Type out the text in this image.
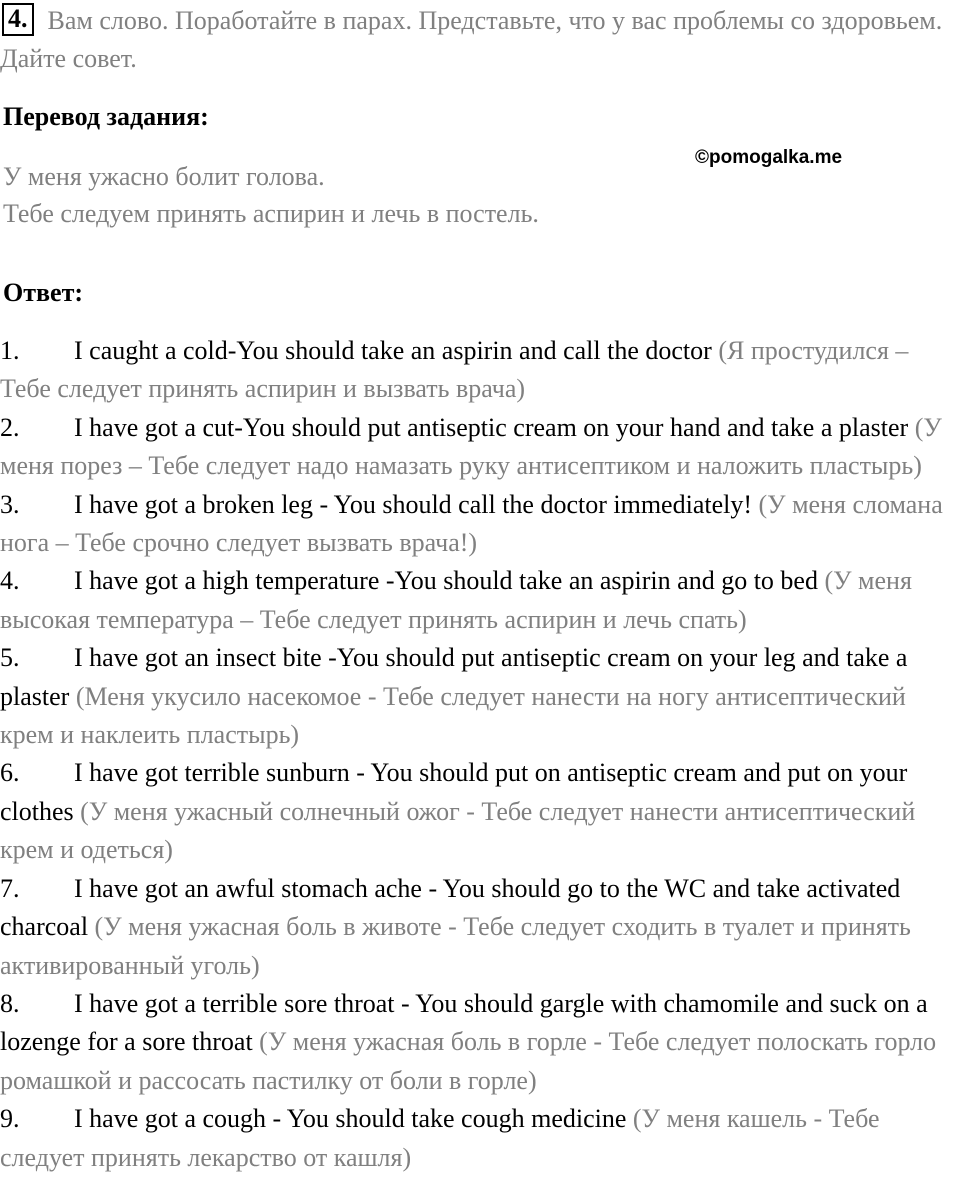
4. Вам слово. Поработайте в парах. Представьте, что у вас проблемы со здоровьем. Дайте совет.
Перевод задания:
У меня ужасно болит голова.
Тебе следуем принять аспирин и лечь в постель.
©pomogalka.me
Ответ:

1. I caught a cold-You should take an aspirin and call the doctor (Я простудился – Тебе следует принять аспирин и вызвать врача)

2. I have got a cut-You should put antiseptic cream on your hand and take a plaster (У меня порез – Тебе следует надо намазать руку антисептиком и наложить пластырь)

3. I have got a broken leg - You should call the doctor immediately! (У меня сломана нога – Тебе срочно следует вызвать врача!)

4. I have got a high temperature -You should take an aspirin and go to bed (У меня высокая температура – Тебе следует принять аспирин и лечь спать)

5. I have got an insect bite -You should put antiseptic cream on your leg and take a plaster (Меня укусило насекомое - Тебе следует нанести на ногу антисептический крем и наклеить пластырь)

6. I have got terrible sunburn - You should put on antiseptic cream and put on your clothes (У меня ужасный солнечный ожог - Тебе следует нанести антисептический крем и одеться)

7. I have got an awful stomach ache - You should go to the WC and take activated charcoal (У меня ужасная боль в животе - Тебе следует сходить в туалет и принять активированный уголь)

8. I have got a terrible sore throat - You should gargle with chamomile and suck on a lozenge for a sore throat (У меня ужасная боль в горле - Тебе следует полоскать горло ромашкой и рассосать пастилку от боли в горле)

9. I have got a cough - You should take cough medicine (У меня кашель - Тебе следует принять лекарство от кашля)
